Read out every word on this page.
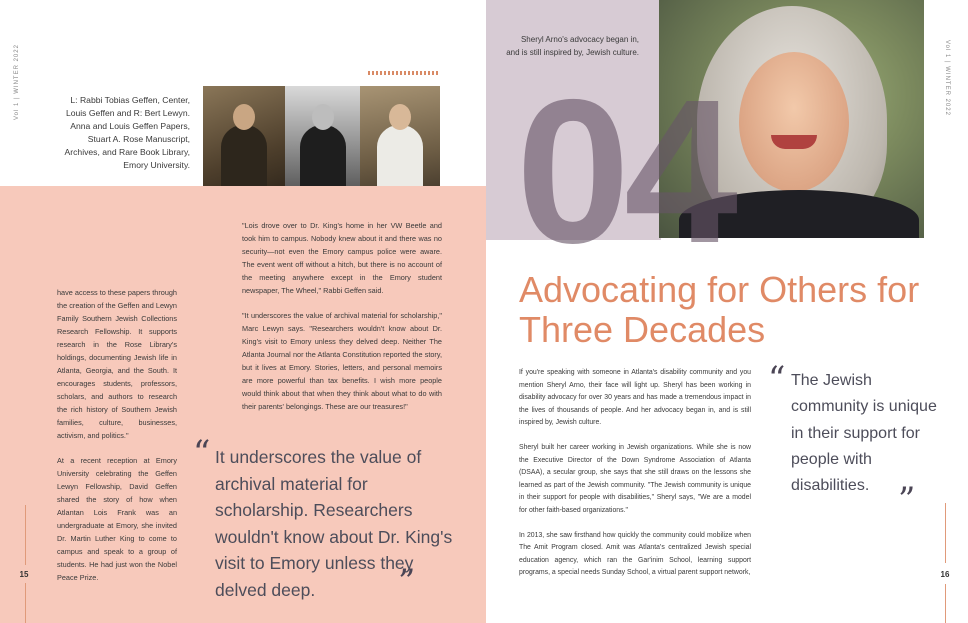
Vol 1 | WINTER 2022	L: Rabbi Tobias Geffen, Center, Louis Geffen and R: Bert Lewyn. Anna and Louis Geffen Papers, Stuart A. Rose Manuscript, Archives, and Rare Book Library, Emory University.

have access to these papers through the creation of the Geffen and Lewyn Family Southern Jewish Collections Research Fellowship. It supports research in the Rose Library's holdings, documenting Jewish life in Atlanta, Georgia, and the South. It encourages students, professors, scholars, and authors to research the rich history of Southern Jewish families, culture, businesses, activism, and politics."

At a recent reception at Emory University celebrating the Geffen Lewyn Fellowship, David Geffen shared the story of how when Atlantan Lois Frank was an undergraduate at Emory, she invited Dr. Martin Luther King to come to campus and speak to a group of students. He had just won the Nobel Peace Prize.

"Lois drove over to Dr. King's home in her VW Beetle and took him to campus. Nobody knew about it and there was no security—not even the Emory campus police were aware. The event went off without a hitch, but there is no account of the meeting anywhere except in the Emory student newspaper, The Wheel," Rabbi Geffen said.

"It underscores the value of archival material for scholarship," Marc Lewyn says. "Researchers wouldn't know about Dr. King's visit to Emory unless they delved deep. Neither The Atlanta Journal nor the Atlanta Constitution reported the story, but it lives at Emory. Stories, letters, and personal memoirs are more powerful than tax benefits. I wish more people would think about that when they think about what to do with their parents' belongings. These are our treasures!"

“ It underscores the value of archival material for scholarship. Researchers wouldn't know about Dr. King's visit to Emory unless they delved deep.	”
15
Sheryl Arno's advocacy began in, and is still inspired by, Jewish culture.
04	Vol 1 | WINTER 2022
Advocating for Others for Three Decades

If you're speaking with someone in Atlanta's disability community and you mention Sheryl Arno, their face will light up. Sheryl has been working in disability advocacy for over 30 years and has made a tremendous impact in the lives of thousands of people. And her advocacy began in, and is still inspired by, Jewish culture.

Sheryl built her career working in Jewish organizations. While she is now the Executive Director of the Down Syndrome Association of Atlanta (DSAA), a secular group, she says that she still draws on the lessons she learned as part of the Jewish community. "The Jewish community is unique in their support for people with disabilities," Sheryl says, "We are a model for other faith-based organizations."

In 2013, she saw firsthand how quickly the community could mobilize when The Amit Program closed. Amit was Atlanta's centralized Jewish special education agency, which ran the Gar'inim School, learning support programs, a special needs Sunday School, a virtual parent support network,

“ The Jewish community is unique in their support for people with disabilities. ”
16
